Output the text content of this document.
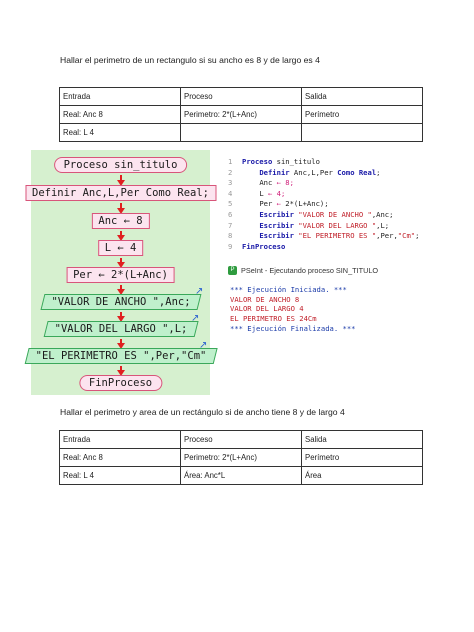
Hallar el perimetro de un rectangulo si su ancho es 8 y de largo es 4
Entrada	Proceso	Salida
Real: Anc 8	Perimetro: 2*(L+Anc)	Perímetro
Real: L 4		
Proceso sin_titulo
Definir Anc,L,Per Como Real;
Anc ← 8
L ← 4
Per ← 2*(L+Anc)
"VALOR DE ANCHO ",Anc;
↗
"VALOR DEL LARGO ",L;
↗
"EL PERIMETRO ES ",Per,"Cm"
↗
FinProceso
1 Proceso sin_titulo
2	Definir Anc,L,Per Como Real;
3	Anc ← 8;
4	L ← 4;
5	Per ← 2*(L+Anc);
6	Escribir "VALOR DE ANCHO ",Anc;
7	Escribir "VALOR DEL LARGO ",L;
8	Escribir "EL PERIMETRO ES ",Per,"Cm";
9 FinProceso
P PSeInt - Ejecutando proceso SIN_TITULO
*** Ejecución Iniciada. ***
VALOR DE ANCHO 8
VALOR DEL LARGO 4
EL PERIMETRO ES 24Cm
*** Ejecución Finalizada. ***
Hallar el perimetro y area de un rectángulo si de ancho tiene 8 y de largo 4
Entrada	Proceso	Salida
Real: Anc 8	Perimetro: 2*(L+Anc)	Perímetro
Real: L 4	Área: Anc*L	Área
